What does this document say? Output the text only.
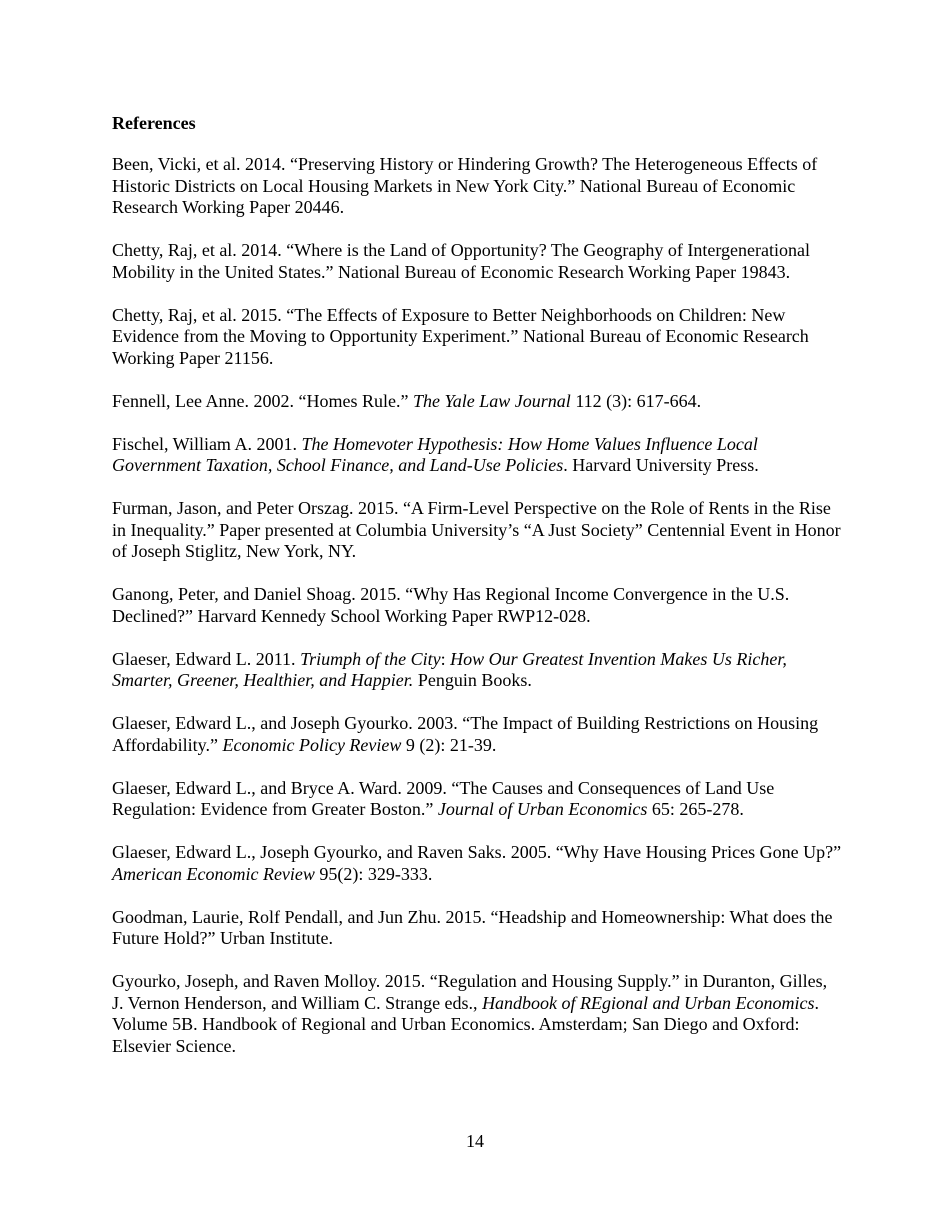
References

Been, Vicki, et al. 2014. “Preserving History or Hindering Growth? The Heterogeneous Effects of Historic Districts on Local Housing Markets in New York City.” National Bureau of Economic Research Working Paper 20446.

Chetty, Raj, et al. 2014. “Where is the Land of Opportunity? The Geography of Intergenerational Mobility in the United States.” National Bureau of Economic Research Working Paper 19843.

Chetty, Raj, et al. 2015. “The Effects of Exposure to Better Neighborhoods on Children: New Evidence from the Moving to Opportunity Experiment.” National Bureau of Economic Research Working Paper 21156.

Fennell, Lee Anne. 2002. “Homes Rule.” The Yale Law Journal 112 (3): 617-664.

Fischel, William A. 2001. The Homevoter Hypothesis: How Home Values Influence Local Government Taxation, School Finance, and Land-Use Policies. Harvard University Press.

Furman, Jason, and Peter Orszag. 2015. “A Firm-Level Perspective on the Role of Rents in the Rise in Inequality.” Paper presented at Columbia University’s “A Just Society” Centennial Event in Honor of Joseph Stiglitz, New York, NY.

Ganong, Peter, and Daniel Shoag. 2015. “Why Has Regional Income Convergence in the U.S. Declined?” Harvard Kennedy School Working Paper RWP12-028.

Glaeser, Edward L. 2011. Triumph of the City: How Our Greatest Invention Makes Us Richer, Smarter, Greener, Healthier, and Happier. Penguin Books.

Glaeser, Edward L., and Joseph Gyourko. 2003. “The Impact of Building Restrictions on Housing Affordability.” Economic Policy Review 9 (2): 21-39.

Glaeser, Edward L., and Bryce A. Ward. 2009. “The Causes and Consequences of Land Use Regulation: Evidence from Greater Boston.” Journal of Urban Economics 65: 265-278.

Glaeser, Edward L., Joseph Gyourko, and Raven Saks. 2005. “Why Have Housing Prices Gone Up?” American Economic Review 95(2): 329-333.

Goodman, Laurie, Rolf Pendall, and Jun Zhu. 2015. “Headship and Homeownership: What does the Future Hold?” Urban Institute.

Gyourko, Joseph, and Raven Molloy. 2015. “Regulation and Housing Supply.” in Duranton, Gilles, J. Vernon Henderson, and William C. Strange eds., Handbook of REgional and Urban Economics. Volume 5B. Handbook of Regional and Urban Economics. Amsterdam; San Diego and Oxford: Elsevier Science.

14
